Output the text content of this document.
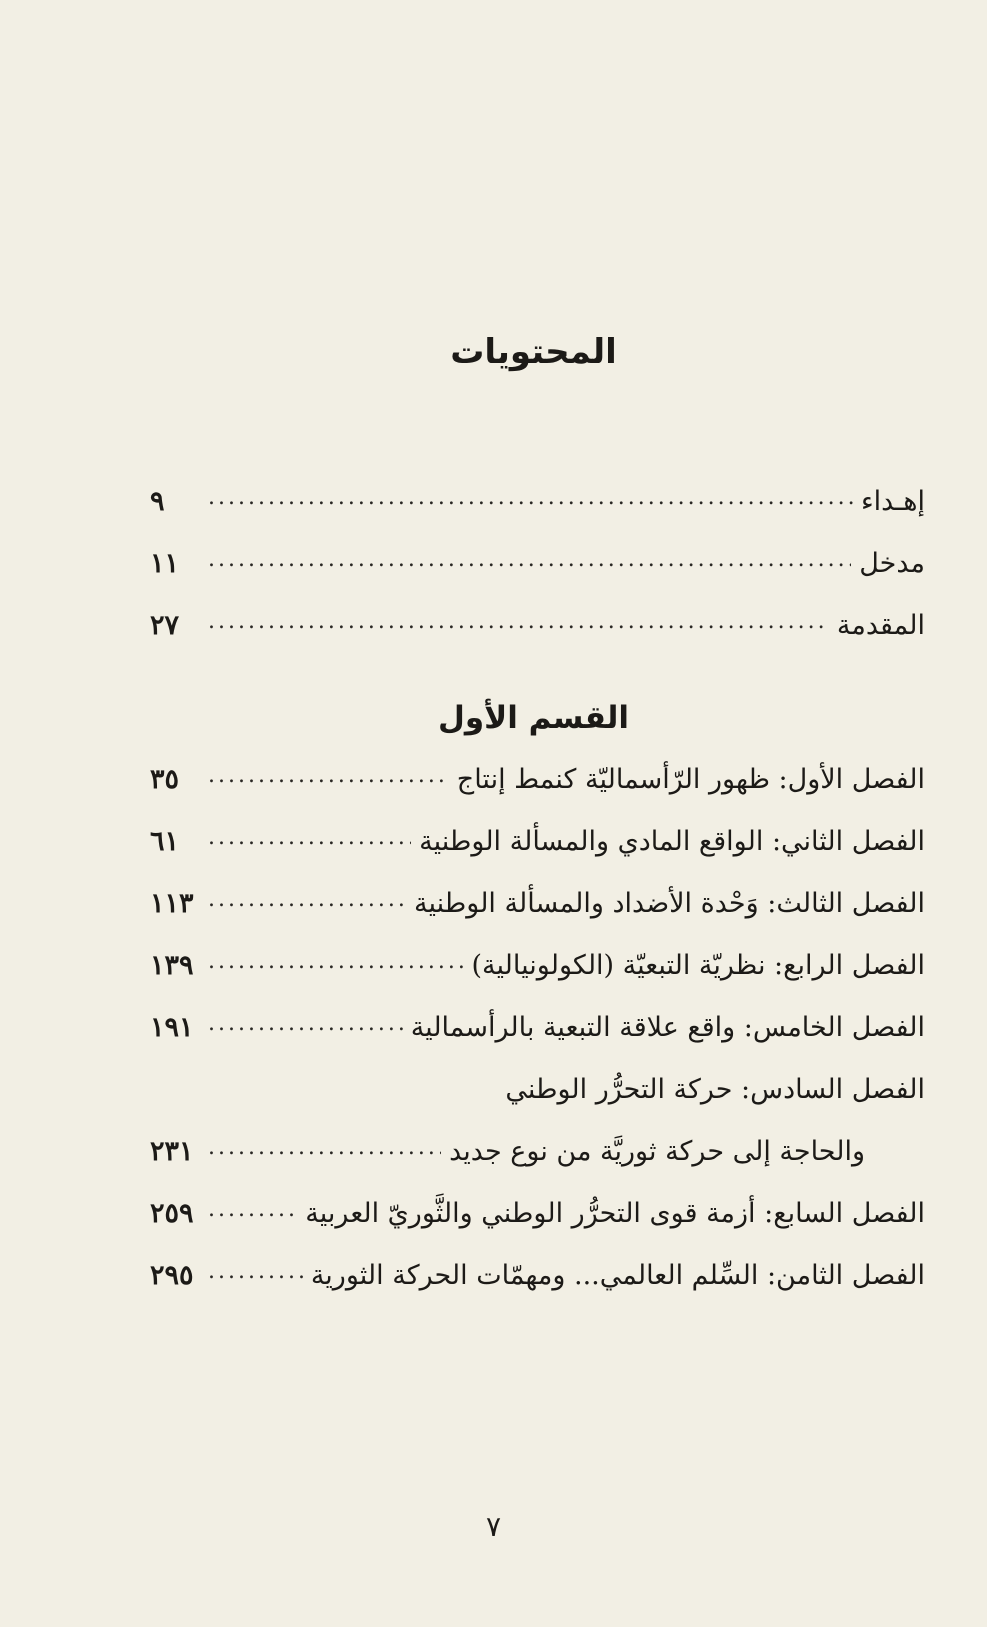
المحتويات
إهـداء
.....
٩
مدخل
.....
١١
المقدمة
.....
٢٧
القسم الأول
الفصل الأول: ظهور الرّأسماليّة كنمط إنتاج
.....
٣٥
الفصل الثاني: الواقع المادي والمسألة الوطنية
.....
٦١
الفصل الثالث: وَحْدة الأضداد والمسألة الوطنية
.....
١١٣
الفصل الرابع: نظريّة التبعيّة (الكولونيالية)
.....
١٣٩
الفصل الخامس: واقع علاقة التبعية بالرأسمالية
.....
١٩١
الفصل السادس: حركة التحرُّر الوطني
والحاجة إلى حركة ثوريَّة من نوع جديد
.....
٢٣١
الفصل السابع: أزمة قوى التحرُّر الوطني والثَّوريّ العربية
.....
٢٥٩
الفصل الثامن: السِّلم العالمي... ومهمّات الحركة الثورية
.....
٢٩٥
٧
